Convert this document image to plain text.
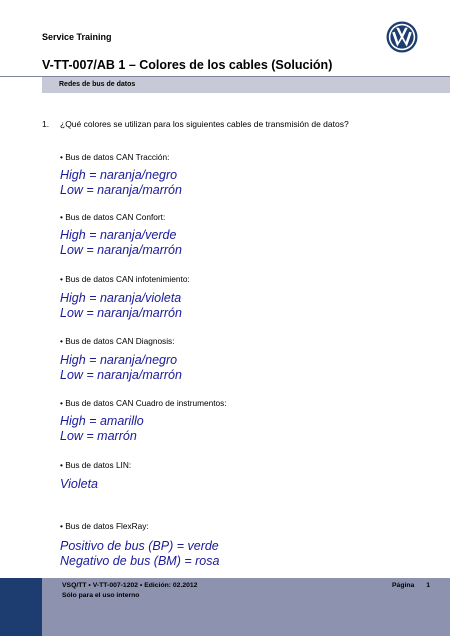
Service Training
V-TT-007/AB 1 – Colores de los cables (Solución)
Redes de bus de datos
1. ¿Qué colores se utilizan para los siguientes cables de transmisión de datos?
• Bus de datos CAN Tracción:
High = naranja/negro
Low = naranja/marrón
• Bus de datos CAN Confort:
High = naranja/verde
Low = naranja/marrón
• Bus de datos CAN infotenimiento:
High = naranja/violeta
Low = naranja/marrón
• Bus de datos CAN Diagnosis:
High = naranja/negro
Low = naranja/marrón
• Bus de datos CAN Cuadro de instrumentos:
High = amarillo
Low = marrón
• Bus de datos LIN:
Violeta
• Bus de datos FlexRay:
Positivo de bus (BP) = verde
Negativo de bus (BM) = rosa
VSQ/TT • V-TT-007-1202 • Edición: 02.2012
Sólo para el uso interno
Página 1
